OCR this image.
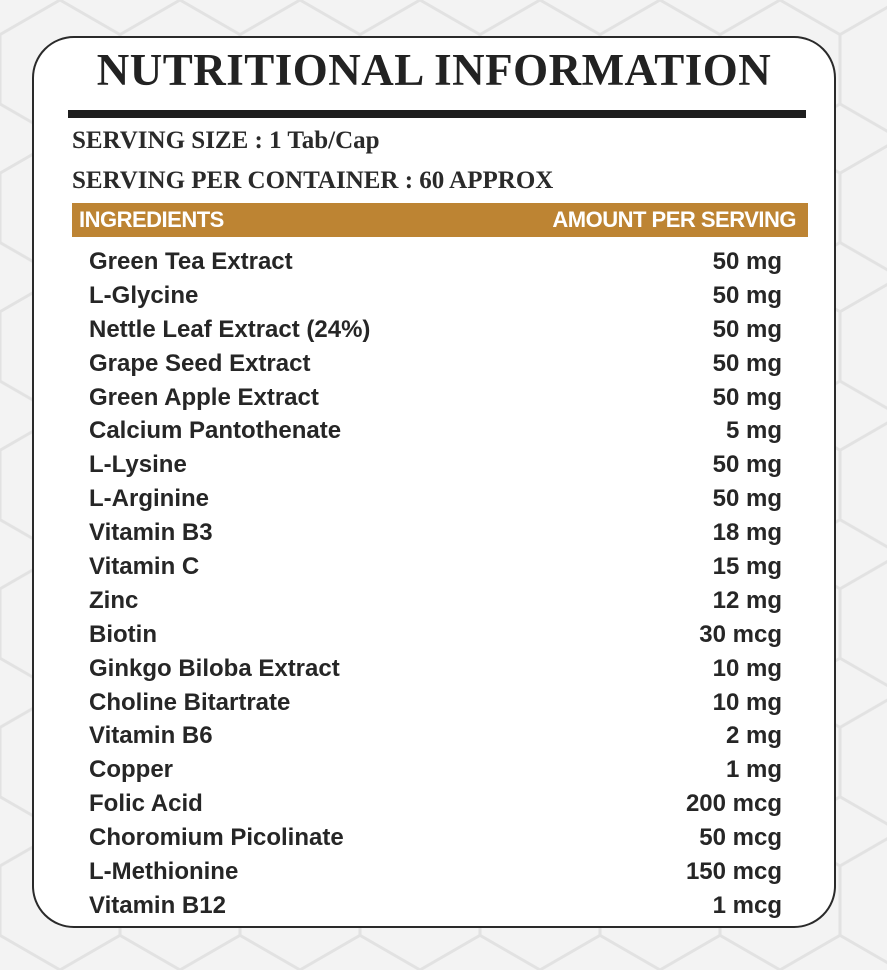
NUTRITIONAL INFORMATION
SERVING SIZE : 1 Tab/Cap
SERVING PER CONTAINER : 60 APPROX
INGREDIENTS	AMOUNT PER SERVING
Green Tea Extract	50 mg
L-Glycine	50 mg
Nettle Leaf Extract (24%)	50 mg
Grape Seed Extract	50 mg
Green Apple Extract	50 mg
Calcium Pantothenate	5 mg
L-Lysine	50 mg
L-Arginine	50 mg
Vitamin B3	18 mg
Vitamin C	15 mg
Zinc	12 mg
Biotin	30 mcg
Ginkgo Biloba Extract	10 mg
Choline Bitartrate	10 mg
Vitamin B6	2 mg
Copper	1 mg
Folic Acid	200 mcg
Choromium Picolinate	50 mcg
L-Methionine	150 mcg
Vitamin B12	1 mcg
